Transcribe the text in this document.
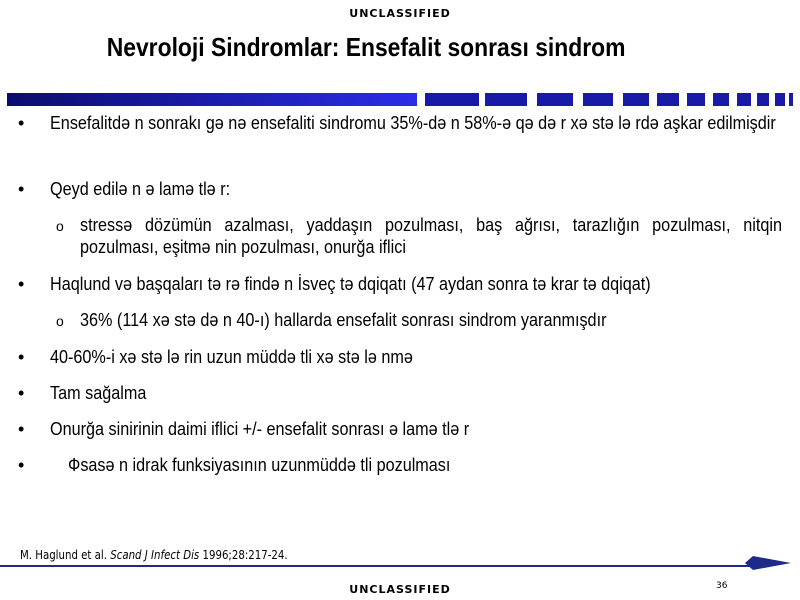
UNCLASSIFIED
Nevroloji Sindromlar: Ensefalit sonrası sindrom
• Ensefalitdə n sonrakı gə nə ensefaliti sindromu 35%-də n 58%-ə qə də r xə stə lə rdə aşkar edilmişdir
• Qeyd edilə n ə lamə tlə r:
o stressə dözümün azalması, yaddaşın pozulması, baş ağrısı, tarazlığın pozulması, nitqin pozulması, eşitmə nin pozulması, onurğa iflici
• Haqlund və başqaları tə rə fində n İsveç tə dqiqatı (47 aydan sonra tə krar tə dqiqat)
o 36% (114 xə stə də n 40-ı) hallarda ensefalit sonrası sindrom yaranmışdır
• 40-60%-i xə stə lə rin uzun müddə tli xə stə lə nmə
• Tam sağalma
• Onurğa sinirinin daimi iflici +/- ensefalit sonrası ə lamə tlə r
• Фsasə n idrak funksiyasının uzunmüddə tli pozulması
M. Haglund et al. Scand J Infect Dis 1996;28:217-24.
36
UNCLASSIFIED
